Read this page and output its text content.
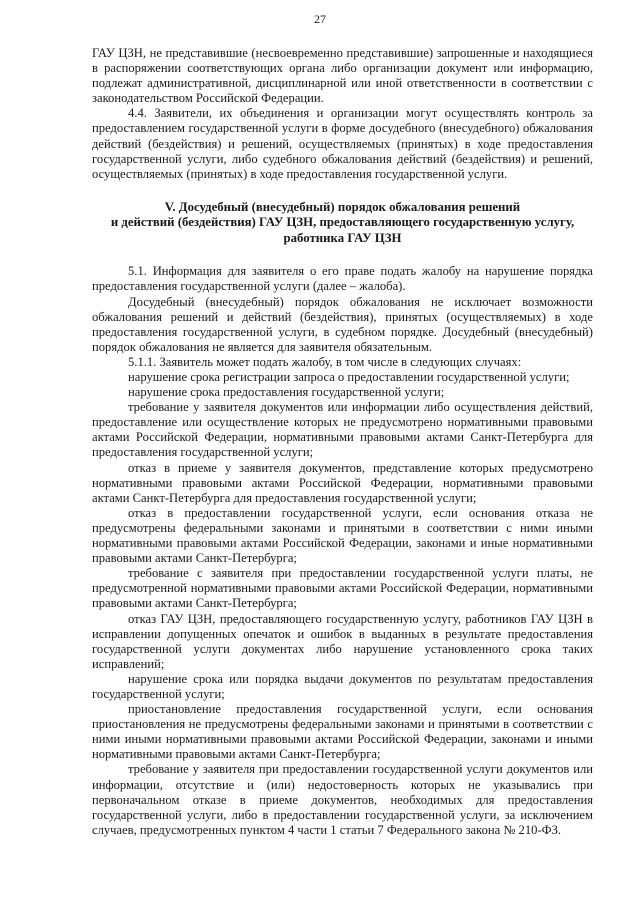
27

ГАУ ЦЗН, не представившие (несвоевременно представившие) запрошенные и находящиеся в распоряжении соответствующих органа либо организации документ или информацию, подлежат административной, дисциплинарной или иной ответственности в соответствии с законодательством Российской Федерации.

4.4. Заявители, их объединения и организации могут осуществлять контроль за предоставлением государственной услуги в форме досудебного (внесудебного) обжалования действий (бездействия) и решений, осуществляемых (принятых) в ходе предоставления государственной услуги, либо судебного обжалования действий (бездействия) и решений, осуществляемых (принятых) в ходе предоставления государственной услуги.

V. Досудебный (внесудебный) порядок обжалования решений
и действий (бездействия) ГАУ ЦЗН, предоставляющего государственную услугу,
работника ГАУ ЦЗН

5.1. Информация для заявителя о его праве подать жалобу на нарушение порядка предоставления государственной услуги (далее – жалоба).

Досудебный (внесудебный) порядок обжалования не исключает возможности обжалования решений и действий (бездействия), принятых (осуществляемых) в ходе предоставления государственной услуги, в судебном порядке. Досудебный (внесудебный) порядок обжалования не является для заявителя обязательным.

5.1.1. Заявитель может подать жалобу, в том числе в следующих случаях:

нарушение срока регистрации запроса о предоставлении государственной услуги;

нарушение срока предоставления государственной услуги;

требование у заявителя документов или информации либо осуществления действий, предоставление или осуществление которых не предусмотрено нормативными правовыми актами Российской Федерации, нормативными правовыми актами Санкт-Петербурга для предоставления государственной услуги;

отказ в приеме у заявителя документов, представление которых предусмотрено нормативными правовыми актами Российской Федерации, нормативными правовыми актами Санкт-Петербурга для предоставления государственной услуги;

отказ в предоставлении государственной услуги, если основания отказа не предусмотрены федеральными законами и принятыми в соответствии с ними иными нормативными правовыми актами Российской Федерации, законами и иные нормативными правовыми актами Санкт-Петербурга;

требование с заявителя при предоставлении государственной услуги платы, не предусмотренной нормативными правовыми актами Российской Федерации, нормативными правовыми актами Санкт-Петербурга;

отказ ГАУ ЦЗН, предоставляющего государственную услугу, работников ГАУ ЦЗН в исправлении допущенных опечаток и ошибок в выданных в результате предоставления государственной услуги документах либо нарушение установленного срока таких исправлений;

нарушение срока или порядка выдачи документов по результатам предоставления государственной услуги;

приостановление предоставления государственной услуги, если основания приостановления не предусмотрены федеральными законами и принятыми в соответствии с ними иными нормативными правовыми актами Российской Федерации, законами и иными нормативными правовыми актами Санкт-Петербурга;

требование у заявителя при предоставлении государственной услуги документов или информации, отсутствие и (или) недостоверность которых не указывались при первоначальном отказе в приеме документов, необходимых для предоставления государственной услуги, либо в предоставлении государственной услуги, за исключением случаев, предусмотренных пунктом 4 части 1 статьи 7 Федерального закона № 210-ФЗ.
